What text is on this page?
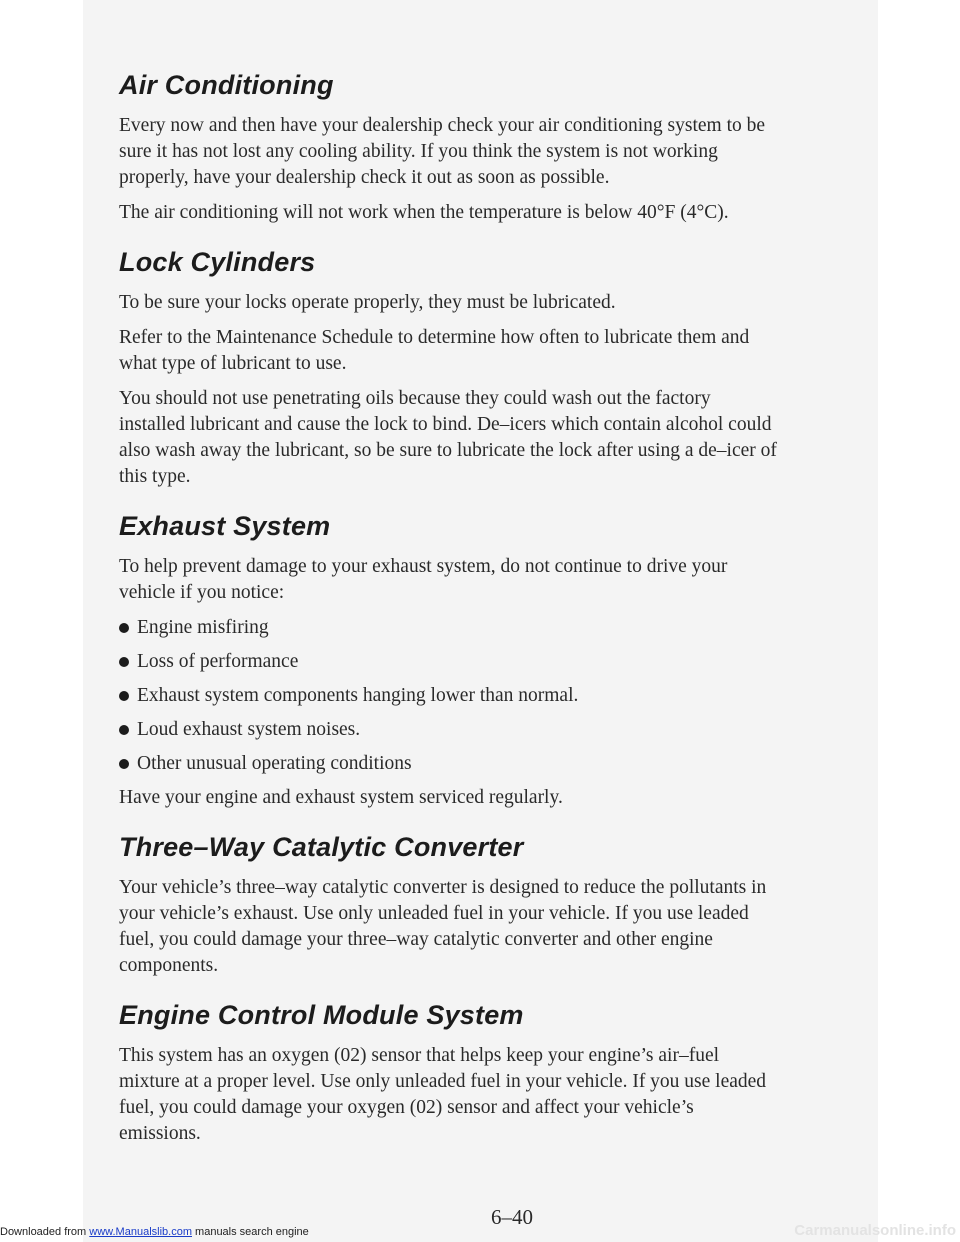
Air Conditioning

Every now and then have your dealership check your air conditioning system to be sure it has not lost any cooling ability. If you think the system is not working properly, have your dealership check it out as soon as possible.

The air conditioning will not work when the temperature is below 40°F (4°C).

Lock Cylinders

To be sure your locks operate properly, they must be lubricated.

Refer to the Maintenance Schedule to determine how often to lubricate them and what type of lubricant to use.

You should not use penetrating oils because they could wash out the factory installed lubricant and cause the lock to bind. De–icers which contain alcohol could also wash away the lubricant, so be sure to lubricate the lock after using a de–icer of this type.

Exhaust System

To help prevent damage to your exhaust system, do not continue to drive your vehicle if you notice:

Engine misfiring
Loss of performance
Exhaust system components hanging lower than normal.
Loud exhaust system noises.
Other unusual operating conditions

Have your engine and exhaust system serviced regularly.

Three–Way Catalytic Converter

Your vehicle’s three–way catalytic converter is designed to reduce the pollutants in your vehicle’s exhaust. Use only unleaded fuel in your vehicle. If you use leaded fuel, you could damage your three–way catalytic converter and other engine components.

Engine Control Module System

This system has an oxygen (02) sensor that helps keep your engine’s air–fuel mixture at a proper level. Use only unleaded fuel in your vehicle. If you use leaded fuel, you could damage your oxygen (02) sensor and affect your vehicle’s emissions.

6–40
Downloaded from www.Manualslib.com manuals search engine	Carmanualsonline.info
